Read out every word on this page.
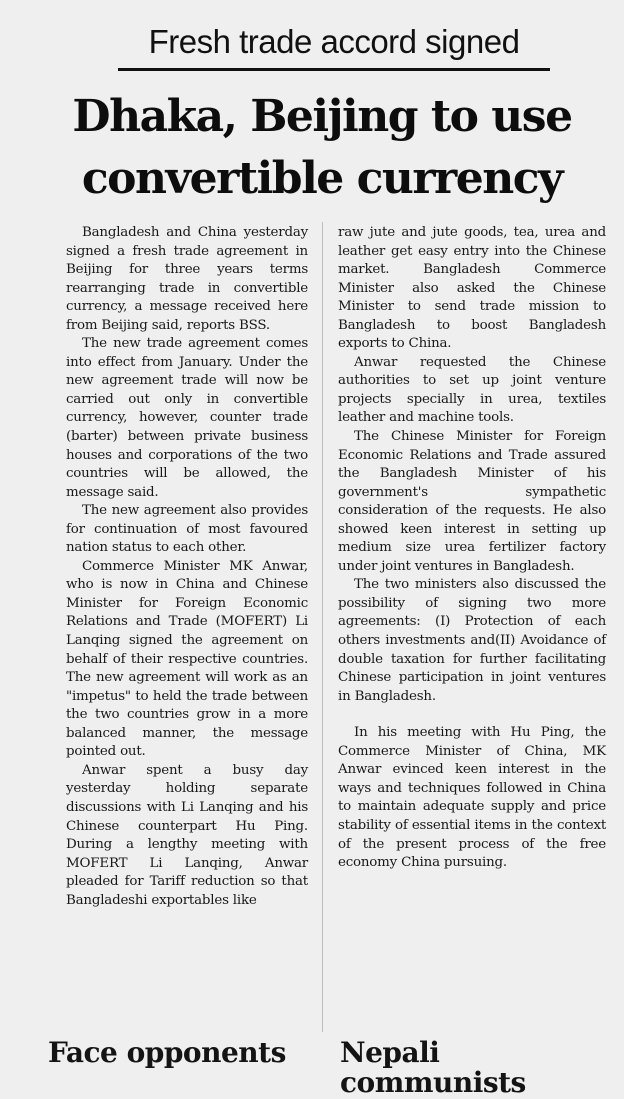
Fresh trade accord signed
Dhaka, Beijing to use convertible currency

Bangladesh and China yesterday signed a fresh trade agreement in Beijing for three years terms rearranging trade in convertible currency, a message received here from Beijing said, reports BSS.

The new trade agreement comes into effect from January. Under the new agreement trade will now be carried out only in convertible currency, however, counter trade (barter) between private business houses and corporations of the two countries will be allowed, the message said.

The new agreement also provides for continuation of most favoured nation status to each other.

Commerce Minister MK Anwar, who is now in China and Chinese Minister for Foreign Economic Relations and Trade (MOFERT) Li Lanqing signed the agreement on behalf of their respective countries. The new agreement will work as an "impetus" to held the trade between the two countries grow in a more balanced manner, the message pointed out.

Anwar spent a busy day yesterday holding separate discussions with Li Lanqing and his Chinese counterpart Hu Ping. During a lengthy meeting with MOFERT Li Lanqing, Anwar pleaded for Tariff reduction so that Bangladeshi exportables like

raw jute and jute goods, tea, urea and leather get easy entry into the Chinese market. Bangladesh Commerce Minister also asked the Chinese Minister to send trade mission to Bangladesh to boost Bangladesh exports to China.

Anwar requested the Chinese authorities to set up joint venture projects specially in urea, textiles leather and machine tools.

The Chinese Minister for Foreign Economic Relations and Trade assured the Bangladesh Minister of his government's sympathetic consideration of the requests. He also showed keen interest in setting up medium size urea fertilizer factory under joint ventures in Bangladesh.

The two ministers also discussed the possibility of signing two more agreements: (I) Protection of each others investments and(II) Avoidance of double taxation for further facilitating Chinese participation in joint ventures in Bangladesh.

In his meeting with Hu Ping, the Commerce Minister of China, MK Anwar evinced keen interest in the ways and techniques followed in China to maintain adequate supply and price stability of essential items in the context of the present process of the free economy China pursuing.

Face opponents Nepali communists
